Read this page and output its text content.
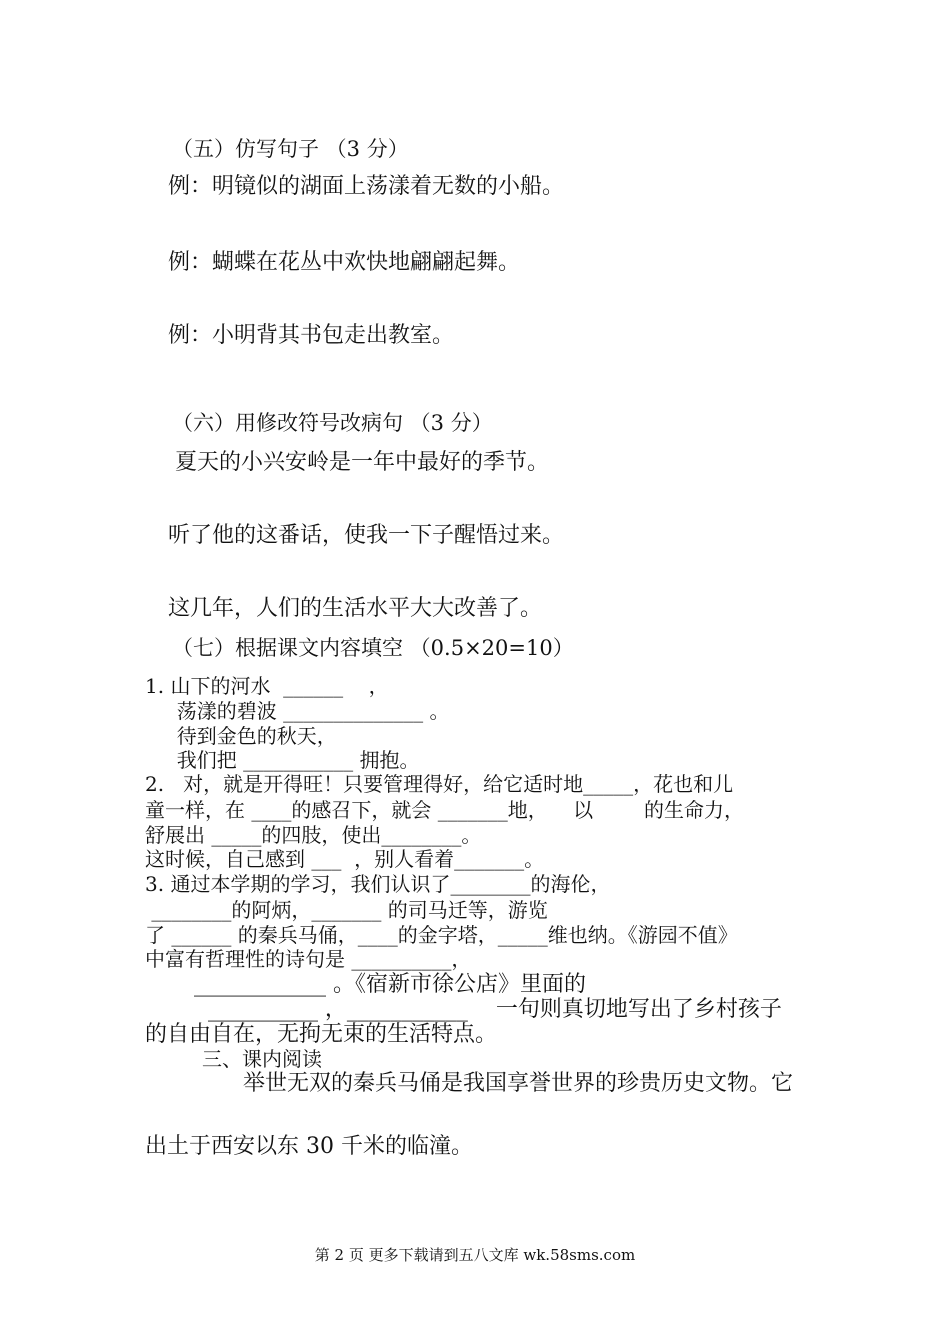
（五）仿写句子 （3 分）
例：明镜似的湖面上荡漾着无数的小船。
例：蝴蝶在花丛中欢快地翩翩起舞。
例：小明背其书包走出教室。
（六）用修改符号改病句 （3 分）
夏天的小兴安岭是一年中最好的季节。
听了他的这番话，使我一下子醒悟过来。
这几年，人们的生活水平大大改善了。
（七）根据课文内容填空 （0.5×20=10）
1. 山下的河水  ______    ，
荡漾的碧波 ______________ 。
待到金色的秋天，
我们把 ___________ 拥抱。
2.   对，就是开得旺！只要管理得好，给它适时地_____，花也和儿
童一样，在 ____的感召下，就会 _______地，    以        的生命力，
舒展出 _____的四肢，使出________。
这时候，自己感到 ___  ，别人看着_______。
3. 通过本学期的学习，我们认识了________的海伦，
________的阿炳，_______ 的司马迁等，游览
了 ______ 的秦兵马俑，____的金字塔，_____维也纳。《游园不值》
中富有哲理性的诗句是 __________，
____________ 。《宿新市徐公店》里面的
__________ ，___________    一句则真切地写出了乡村孩子
的自由自在，无拘无束的生活特点。
三、课内阅读
举世无双的秦兵马俑是我国享誉世界的珍贵历史文物。它
出土于西安以东 30 千米的临潼。
第 2 页 更多下载请到五八文库 wk.58sms.com
